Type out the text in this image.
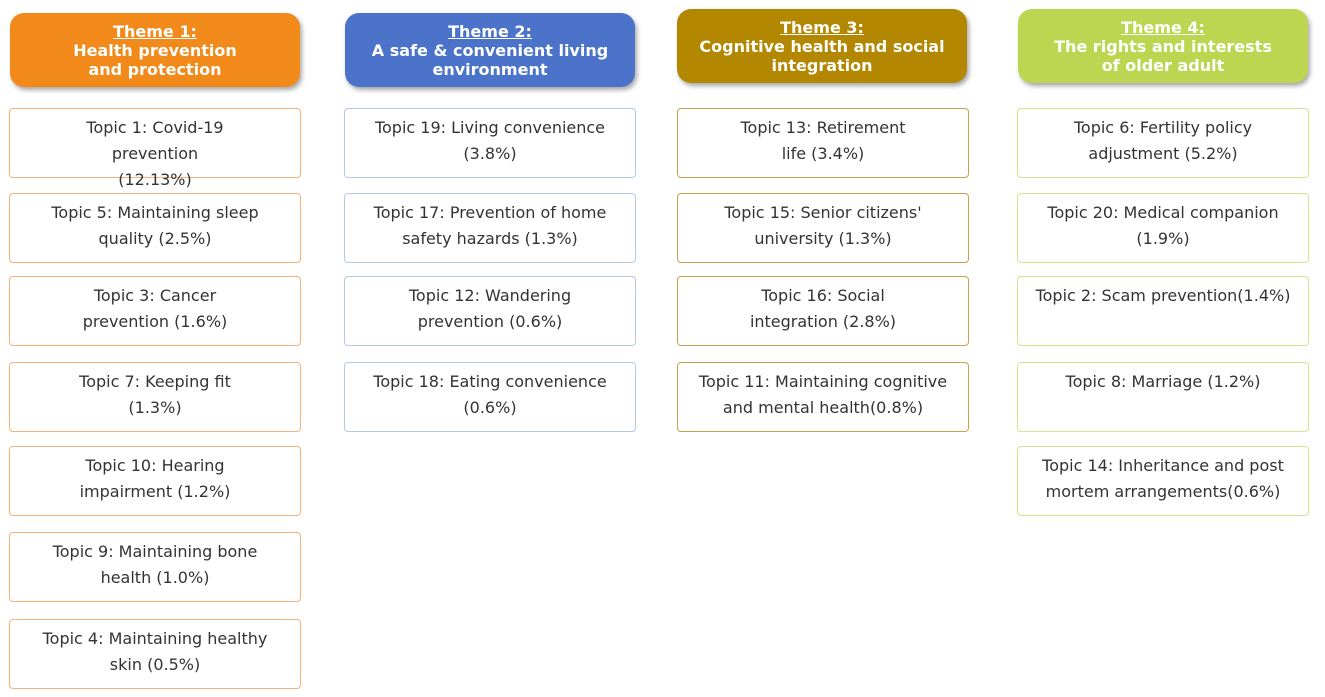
Theme 1:
Health prevention and protection
Topic 1: Covid-19 prevention (12.13%)
Topic 5: Maintaining sleep quality (2.5%)
Topic 3: Cancer prevention (1.6%)
Topic 7: Keeping fit (1.3%)
Topic 10: Hearing impairment (1.2%)
Topic 9: Maintaining bone health (1.0%)
Topic 4: Maintaining healthy skin (0.5%)
Theme 2:
A safe & convenient living environment
Topic 19: Living convenience (3.8%)
Topic 17: Prevention of home safety hazards (1.3%)
Topic 12: Wandering prevention (0.6%)
Topic 18: Eating convenience (0.6%)
Theme 3:
Cognitive health and social integration
Topic 13: Retirement life (3.4%)
Topic 15: Senior citizens' university (1.3%)
Topic 16: Social integration (2.8%)
Topic 11: Maintaining cognitive and mental health(0.8%)
Theme 4:
The rights and interests of older adult
Topic 6: Fertility policy adjustment (5.2%)
Topic 20: Medical companion (1.9%)
Topic 2: Scam prevention(1.4%)
Topic 8: Marriage (1.2%)
Topic 14: Inheritance and post mortem arrangements(0.6%)
